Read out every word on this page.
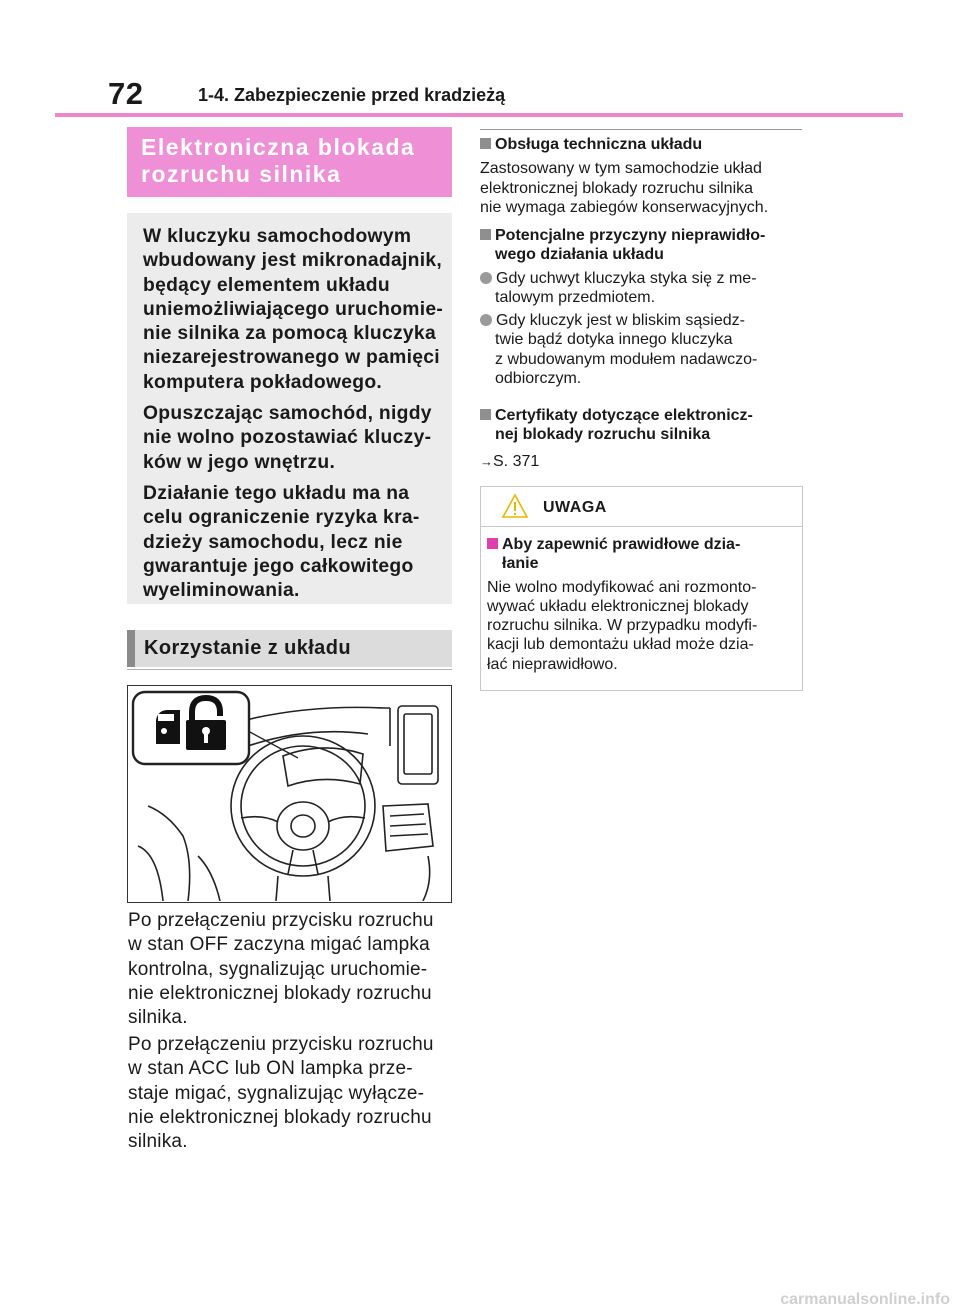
72	1-4. Zabezpieczenie przed kradzieżą
Elektroniczna blokada
rozruchu silnika

W kluczyku samochodowym
wbudowany jest mikronadajnik,
będący elementem układu
uniemożliwiającego uruchomie-
nie silnika za pomocą kluczyka
niezarejestrowanego w pamięci
komputera pokładowego.

Opuszczając samochód, nigdy
nie wolno pozostawiać kluczy-
ków w jego wnętrzu.

Działanie tego układu ma na
celu ograniczenie ryzyka kra-
dzieży samochodu, lecz nie
gwarantuje jego całkowitego
wyeliminowania.

Korzystanie z układu
Po przełączeniu przycisku rozruchu
w stan OFF zaczyna migać lampka
kontrolna, sygnalizując uruchomie-
nie elektronicznej blokady rozruchu
silnika.
Po przełączeniu przycisku rozruchu
w stan ACC lub ON lampka prze-
staje migać, sygnalizując wyłącze-
nie elektronicznej blokady rozruchu
silnika.
Obsługa techniczna układu
Zastosowany w tym samochodzie układ
elektronicznej blokady rozruchu silnika
nie wymaga zabiegów konserwacyjnych.
Potencjalne przyczyny nieprawidło-
wego działania układu
Gdy uchwyt kluczyka styka się z me-
talowym przedmiotem.
Gdy kluczyk jest w bliskim sąsiedz-
twie bądź dotyka innego kluczyka
z wbudowanym modułem nadawczo-
odbiorczym.
Certyfikaty dotyczące elektronicz-
nej blokady rozruchu silnika
→S. 371
UWAGA
Aby zapewnić prawidłowe dzia-
łanie
Nie wolno modyfikować ani rozmonto-
wywać układu elektronicznej blokady
rozruchu silnika. W przypadku modyfi-
kacji lub demontażu układ może dzia-
łać nieprawidłowo.
carmanualsonline.info
